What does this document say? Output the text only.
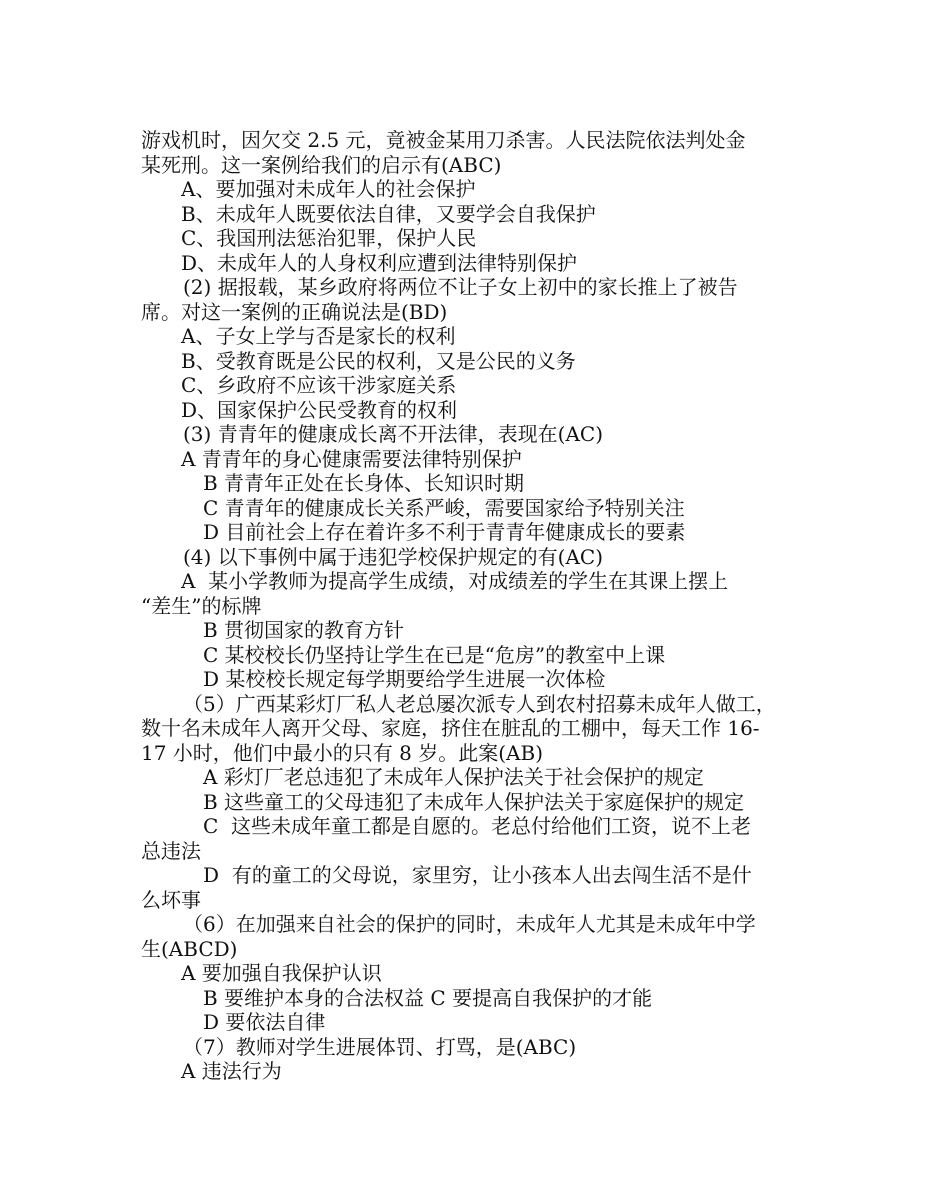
游戏机时，因欠交 2.5 元，竟被金某用刀杀害。人民法院依法判处金
某死刑。这一案例给我们的启示有(ABC)
A、要加强对未成年人的社会保护
B、未成年人既要依法自律，又要学会自我保护
C、我国刑法惩治犯罪，保护人民
D、未成年人的人身权利应遭到法律特别保护
(2) 据报载，某乡政府将两位不让子女上初中的家长推上了被告
席。对这一案例的正确说法是(BD)
A、子女上学与否是家长的权利
B、受教育既是公民的权利，又是公民的义务
C、乡政府不应该干涉家庭关系
D、国家保护公民受教育的权利
(3) 青青年的健康成长离不开法律，表现在(AC)
A 青青年的身心健康需要法律特别保护
B 青青年正处在长身体、长知识时期
C 青青年的健康成长关系严峻，需要国家给予特别关注
D 目前社会上存在着许多不利于青青年健康成长的要素
(4) 以下事例中属于违犯学校保护规定的有(AC)
A  某小学教师为提高学生成绩，对成绩差的学生在其课上摆上
“差生”的标牌
B 贯彻国家的教育方针
C 某校校长仍坚持让学生在已是“危房”的教室中上课
D 某校校长规定每学期要给学生进展一次体检
（5）广西某彩灯厂私人老总屡次派专人到农村招募未成年人做工，
数十名未成年人离开父母、家庭，挤住在脏乱的工棚中，每天工作 16-
17 小时，他们中最小的只有 8 岁。此案(AB)
A 彩灯厂老总违犯了未成年人保护法关于社会保护的规定
B 这些童工的父母违犯了未成年人保护法关于家庭保护的规定
C  这些未成年童工都是自愿的。老总付给他们工资，说不上老
总违法
D  有的童工的父母说，家里穷，让小孩本人出去闯生活不是什
么坏事
（6）在加强来自社会的保护的同时，未成年人尤其是未成年中学
生(ABCD)
A 要加强自我保护认识
B 要维护本身的合法权益 C 要提高自我保护的才能
D 要依法自律
（7）教师对学生进展体罚、打骂，是(ABC)
A 违法行为
